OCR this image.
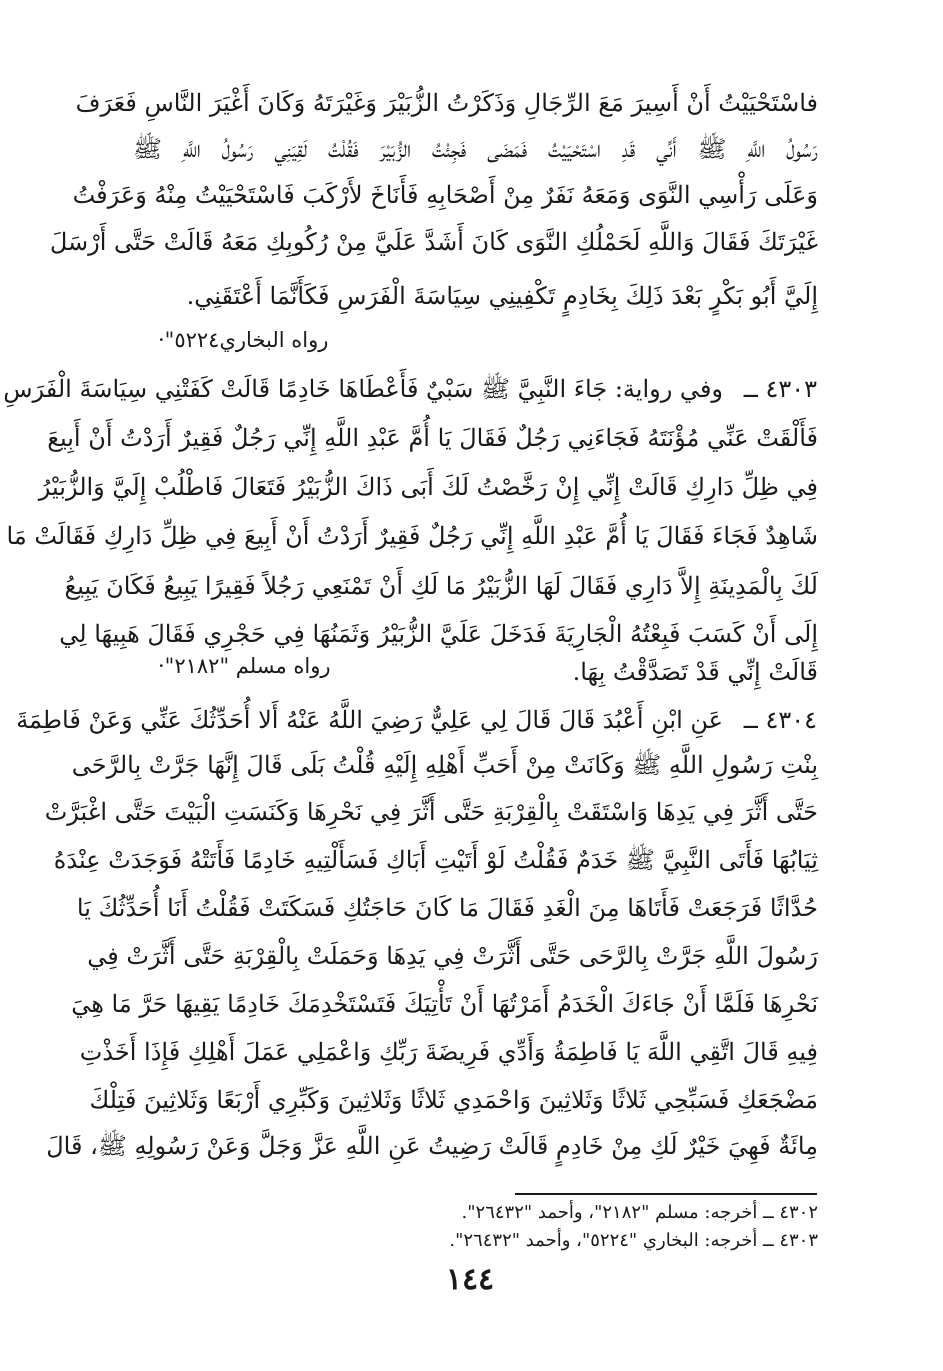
فاسْتَحْيَيْتُ أَنْ أَسِيرَ مَعَ الرِّجَالِ وَذَكَرْتُ الزُّبَيْرَ وَغَيْرَتَهُ وَكَانَ أَغْيَرَ النَّاسِ فَعَرَفَ
رَسُولُ اللَّهِ ﷺ أَنِّي قَدِ اسْتَحْيَيْتُ فَمَضَى فَجِئْتُ الزُّبَيْرَ فَقُلْتُ لَقِيَنِي رَسُولُ اللَّهِ ﷺ
وَعَلَى رَأْسِي النَّوَى وَمَعَهُ نَفَرٌ مِنْ أَصْحَابِهِ فَأَنَاخَ لأَرْكَبَ فَاسْتَحْيَيْتُ مِنْهُ وَعَرَفْتُ
غَيْرَتَكَ فَقَالَ وَاللَّهِ لَحَمْلُكِ النَّوَى كَانَ أَشَدَّ عَلَيَّ مِنْ رُكُوبِكِ مَعَهُ قَالَتْ حَتَّى أَرْسَلَ
إِلَيَّ أَبُو بَكْرٍ بَعْدَ ذَلِكَ بِخَادِمٍ تَكْفِينِي سِيَاسَةَ الْفَرَسِ فَكَأَنَّمَا أَعْتَقَنِي.
رواه البخاري٥٢٢٤"·
وفي رواية: جَاءَ النَّبِيَّ ﷺ سَبْيٌ فَأَعْطَاهَا خَادِمًا قَالَتْ كَفَتْنِي سِيَاسَةَ الْفَرَسِ ٤٣٠٣ ــ
فَأَلْقَتْ عَنِّي مُؤْنَتَهُ فَجَاءَنِي رَجُلٌ فَقَالَ يَا أُمَّ عَبْدِ اللَّهِ إِنِّي رَجُلٌ فَقِيرٌ أَرَدْتُ أَنْ أَبِيعَ
فِي ظِلِّ دَارِكِ قَالَتْ إِنِّي إِنْ رَخَّصْتُ لَكَ أَبَى ذَاكَ الزُّبَيْرُ فَتَعَالَ فَاطْلُبْ إِلَيَّ وَالزُّبَيْرُ
شَاهِدٌ فَجَاءَ فَقَالَ يَا أُمَّ عَبْدِ اللَّهِ إِنِّي رَجُلٌ فَقِيرٌ أَرَدْتُ أَنْ أَبِيعَ فِي ظِلِّ دَارِكِ فَقَالَتْ مَا
لَكَ بِالْمَدِينَةِ إِلاَّ دَارِي فَقَالَ لَهَا الزُّبَيْرُ مَا لَكِ أَنْ تَمْنَعِي رَجُلاً فَقِيرًا يَبِيعُ فَكَانَ يَبِيعُ
إِلَى أَنْ كَسَبَ فَبِعْتُهُ الْجَارِيَةَ فَدَخَلَ عَلَيَّ الزُّبَيْرُ وَثَمَنُهَا فِي حَجْرِي فَقَالَ هَبِيهَا لِي
قَالَتْ إِنِّي قَدْ تَصَدَّقْتُ بِهَا.
رواه مسلم "٢١٨٢"·
عَنِ ابْنِ أَعْبُدَ قَالَ قَالَ لِي عَلِيٌّ رَضِيَ اللَّهُ عَنْهُ أَلا أُحَدِّثُكَ عَنِّي وَعَنْ فَاطِمَةَ ٤٣٠٤ ــ
بِنْتِ رَسُولِ اللَّهِ ﷺ وَكَانَتْ مِنْ أَحَبِّ أَهْلِهِ إِلَيْهِ قُلْتُ بَلَى قَالَ إِنَّهَا جَرَّتْ بِالرَّحَى
حَتَّى أَثَّرَ فِي يَدِهَا وَاسْتَقَتْ بِالْقِرْبَةِ حَتَّى أَثَّرَ فِي نَحْرِهَا وَكَنَسَتِ الْبَيْتَ حَتَّى اغْبَرَّتْ
ثِيَابُهَا فَأَتَى النَّبِيَّ ﷺ خَدَمٌ فَقُلْتُ لَوْ أَتَيْتِ أَبَاكِ فَسَأَلْتِيهِ خَادِمًا فَأَتَتْهُ فَوَجَدَتْ عِنْدَهُ
حُدَّاثًا فَرَجَعَتْ فَأَتَاهَا مِنَ الْغَدِ فَقَالَ مَا كَانَ حَاجَتُكِ فَسَكَتَتْ فَقُلْتُ أَنَا أُحَدِّثُكَ يَا
رَسُولَ اللَّهِ جَرَّتْ بِالرَّحَى حَتَّى أَثَّرَتْ فِي يَدِهَا وَحَمَلَتْ بِالْقِرْبَةِ حَتَّى أَثَّرَتْ فِي
نَحْرِهَا فَلَمَّا أَنْ جَاءَكَ الْخَدَمُ أَمَرْتُهَا أَنْ تَأْتِيَكَ فَتَسْتَخْدِمَكَ خَادِمًا يَقِيهَا حَرَّ مَا هِيَ
فِيهِ قَالَ اتَّقِي اللَّهَ يَا فَاطِمَةُ وَأَدِّي فَرِيضَةَ رَبِّكِ وَاعْمَلِي عَمَلَ أَهْلِكِ فَإِذَا أَخَذْتِ
مَضْجَعَكِ فَسَبِّحِي ثَلاثًا وَثَلاثِينَ وَاحْمَدِي ثَلاثًا وَثَلاثِينَ وَكَبِّرِي أَرْبَعًا وَثَلاثِينَ فَتِلْكَ
مِائَةٌ فَهِيَ خَيْرٌ لَكِ مِنْ خَادِمٍ قَالَتْ رَضِيتُ عَنِ اللَّهِ عَزَّ وَجَلَّ وَعَنْ رَسُولِهِ ﷺ، قَالَ
٤٣٠٢ ــ أخرجه: مسلم "٢١٨٢"، وأحمد "٢٦٤٣٢".
٤٣٠٣ ــ أخرجه: البخاري "٥٢٢٤"، وأحمد "٢٦٤٣٢".
١٤٤
